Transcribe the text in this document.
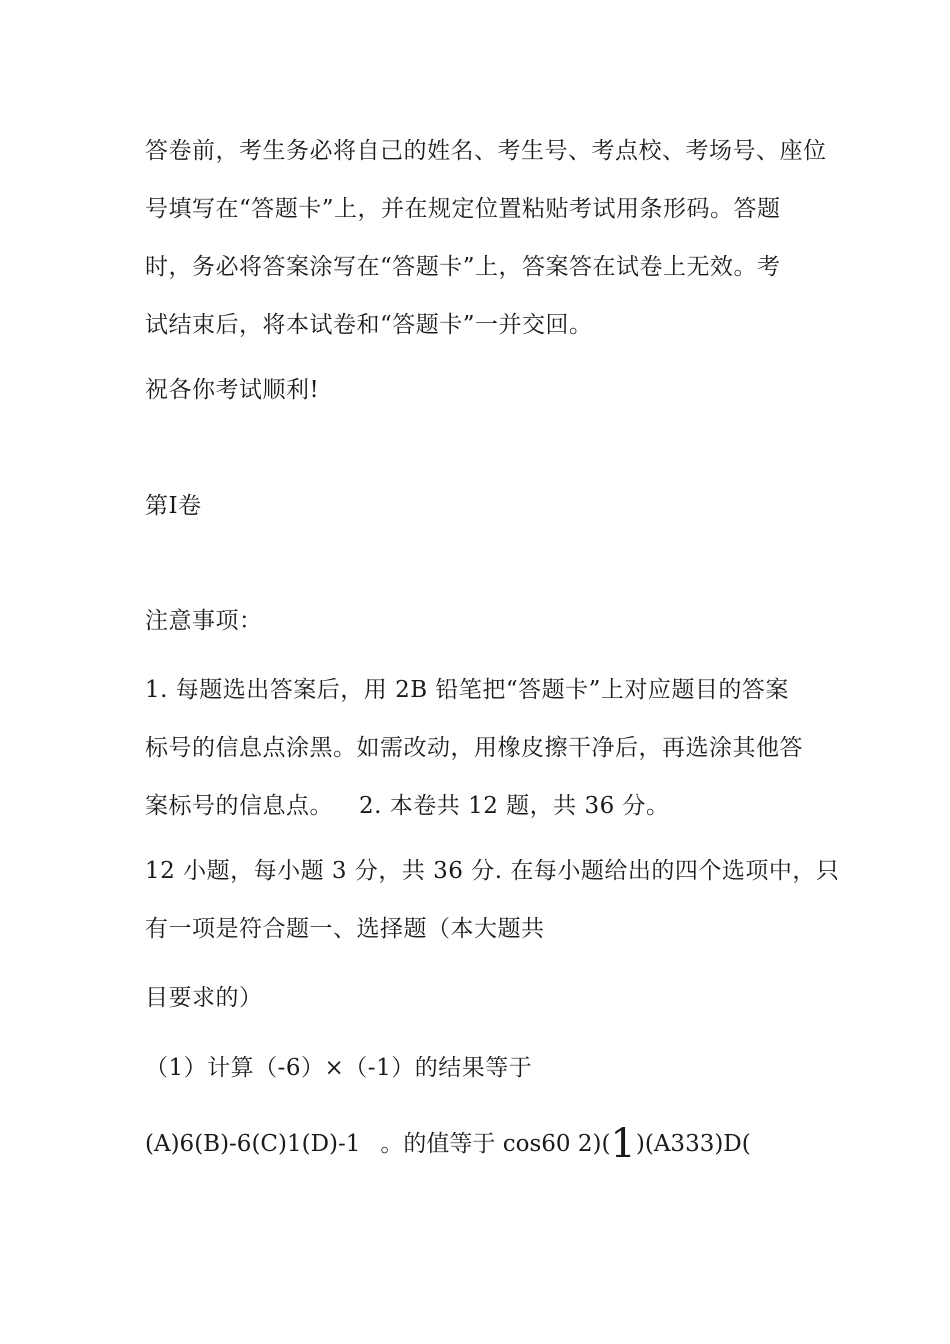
答卷前，考生务必将自己的姓名、考生号、考点校、考场号、座位
号填写在“答题卡”上，并在规定位置粘贴考试用条形码。答题
时，务必将答案涂写在“答题卡”上，答案答在试卷上无效。考
试结束后，将本试卷和“答题卡”一并交回。
祝各你考试顺利!
第Ⅰ卷
注意事项：
1. 每题选出答案后，用 2B 铅笔把“答题卡”上对应题目的答案
标号的信息点涂黑。如需改动，用橡皮擦干净后，再选涂其他答
案标号的信息点。 2. 本卷共 12 题，共 36 分。
12 小题，每小题 3 分，共 36 分. 在每小题给出的四个选项中，只
有一项是符合题一、选择题（本大题共
目要求的）
（1）计算（-6）×（-1）的结果等于
(A)6(B)-6(C)1(D)-1 。的值等于 cos60 2)(1)(A333)D(
